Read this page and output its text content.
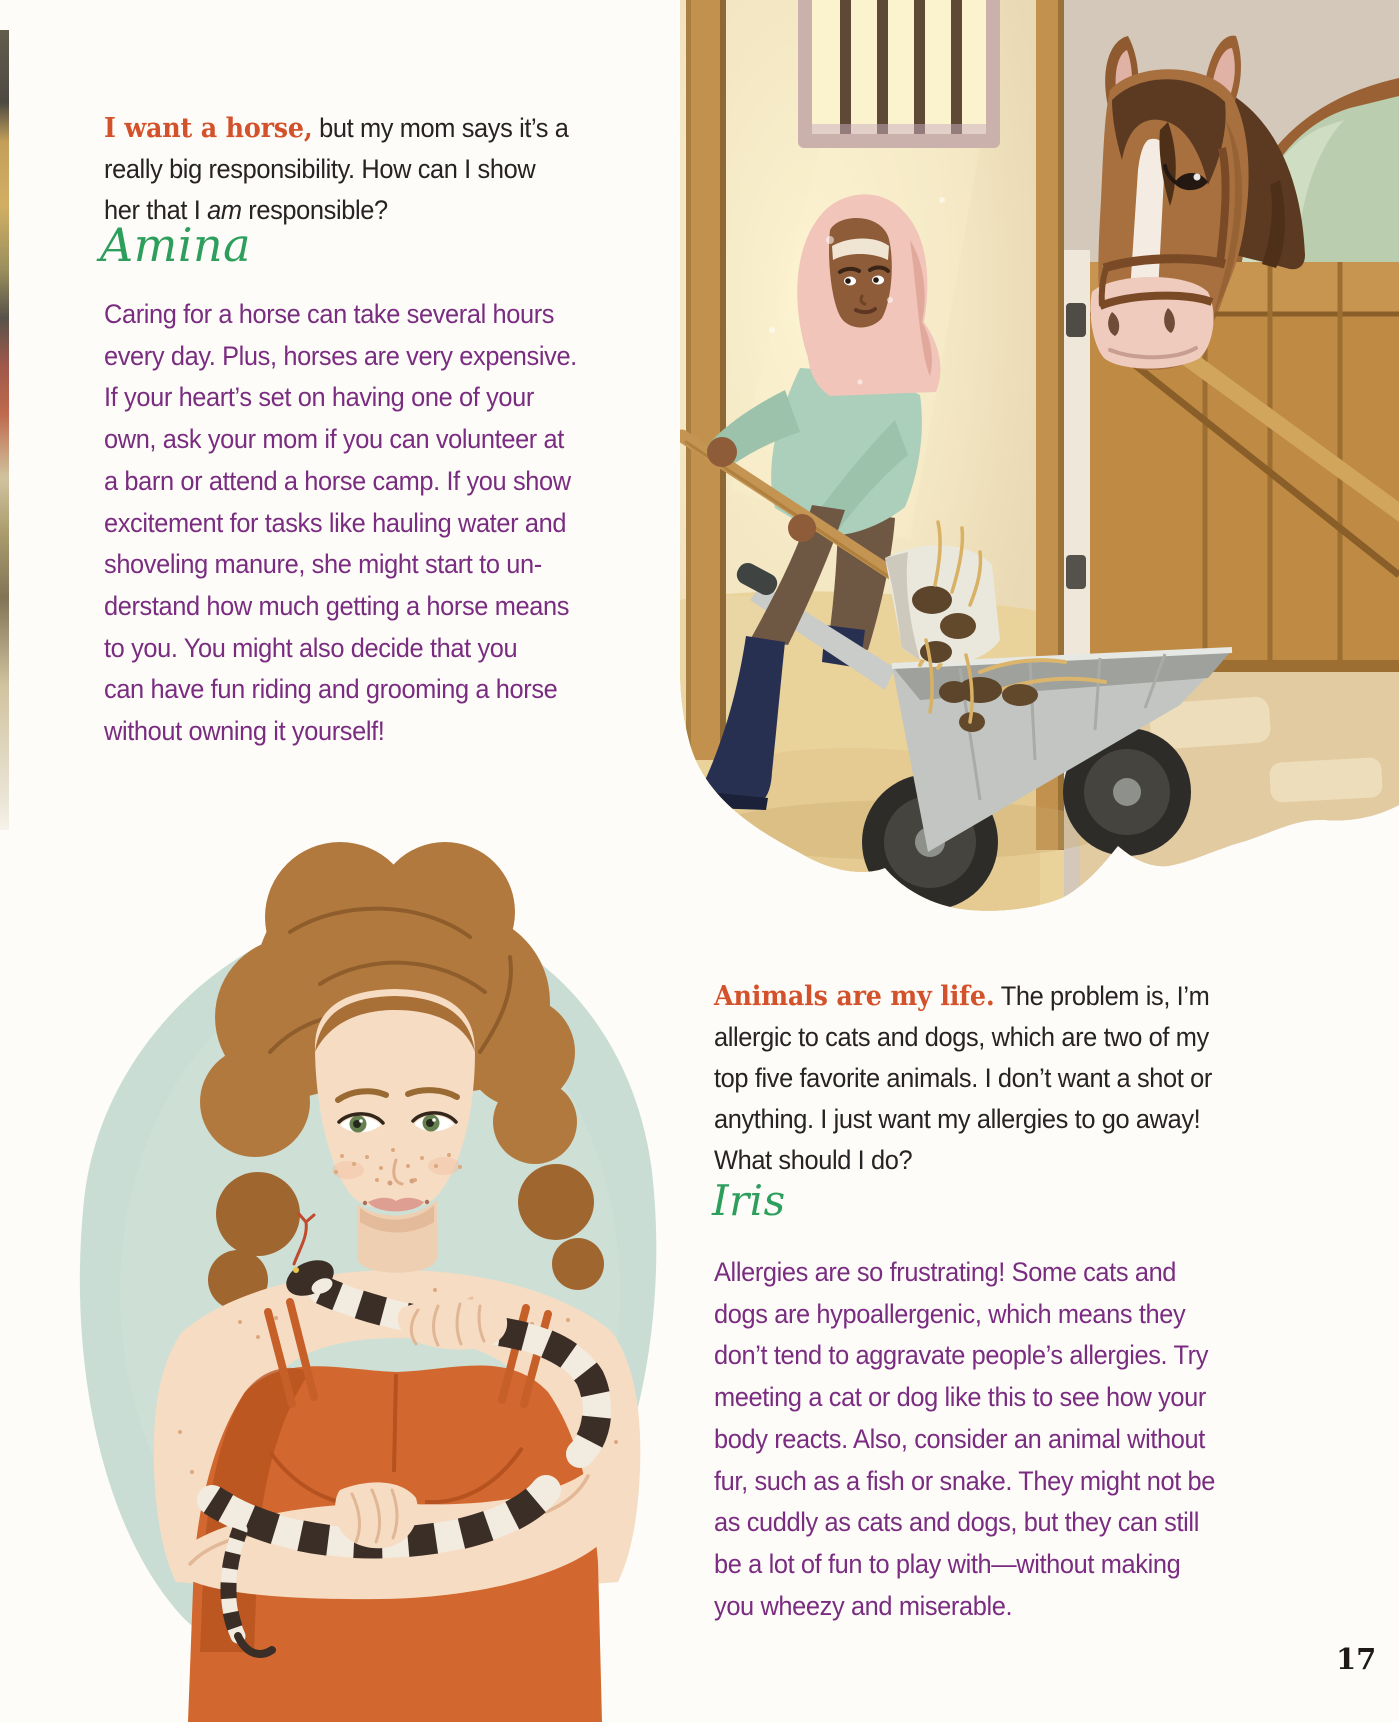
I want a horse, but my mom says it’s a
really big responsibility. How can I show
her that I am responsible?
Amina
Caring for a horse can take several hours
every day. Plus, horses are very expensive.
If your heart’s set on having one of your
own, ask your mom if you can volunteer at
a barn or attend a horse camp. If you show
excitement for tasks like hauling water and
shoveling manure, she might start to un-
derstand how much getting a horse means
to you. You might also decide that you
can have fun riding and grooming a horse
without owning it yourself!
Animals are my life. The problem is, I’m
allergic to cats and dogs, which are two of my
top five favorite animals. I don’t want a shot or
anything. I just want my allergies to go away!
What should I do?
Iris
Allergies are so frustrating! Some cats and
dogs are hypoallergenic, which means they
don’t tend to aggravate people’s allergies. Try
meeting a cat or dog like this to see how your
body reacts. Also, consider an animal without
fur, such as a fish or snake. They might not be
as cuddly as cats and dogs, but they can still
be a lot of fun to play with—without making
you wheezy and miserable.
17
